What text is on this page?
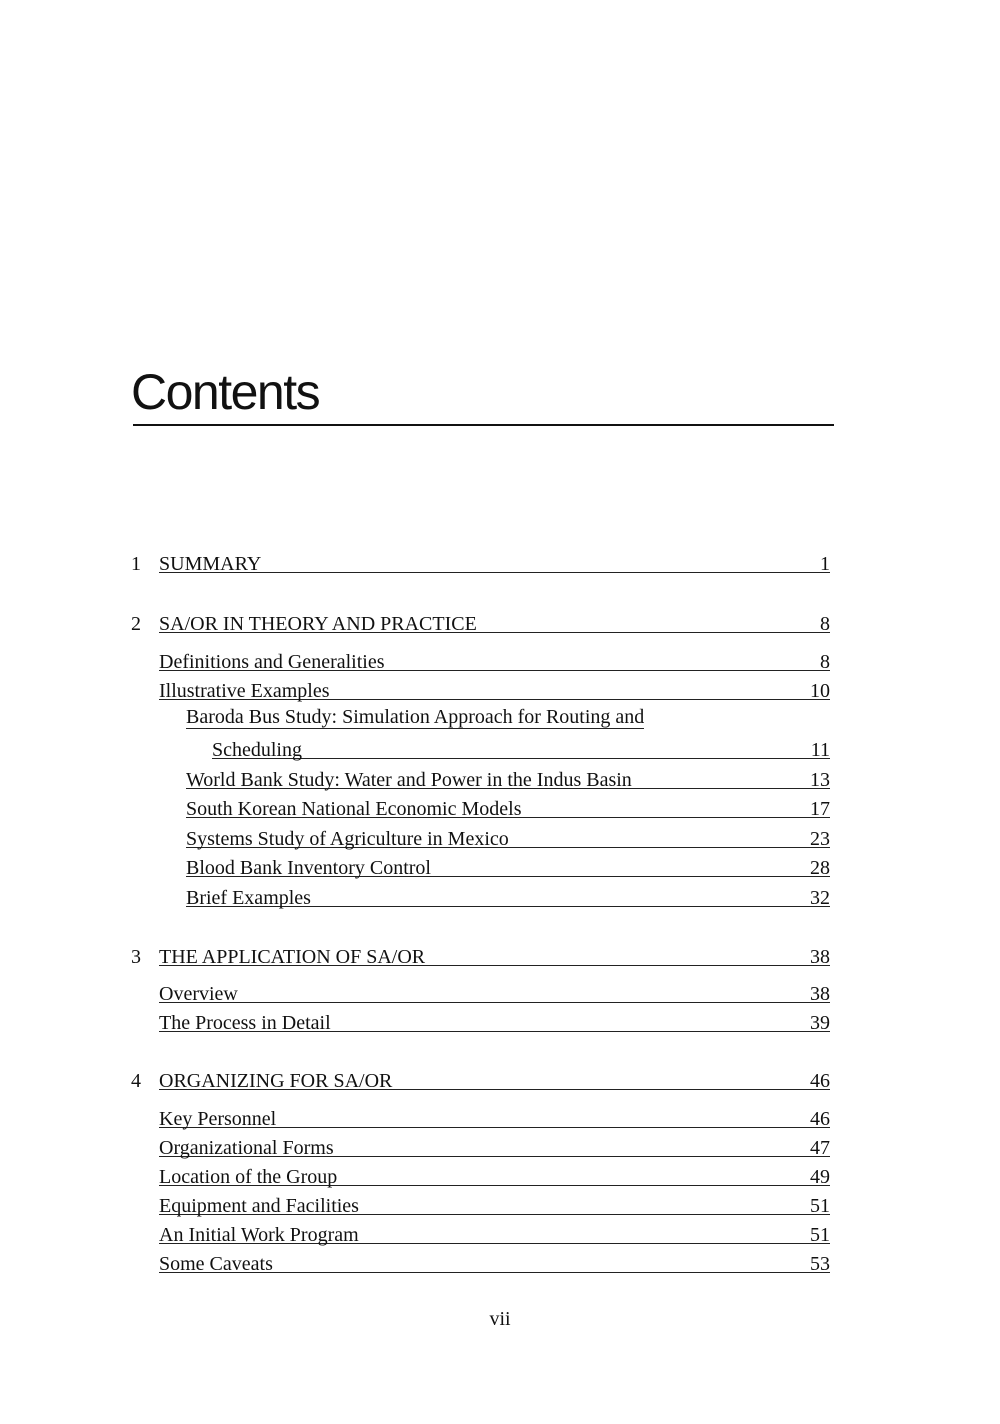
Contents
1 SUMMARY	1
2 SA/OR IN THEORY AND PRACTICE	8
Definitions and Generalities	8
Illustrative Examples	10
Baroda Bus Study: Simulation Approach for Routing and
Scheduling	11
World Bank Study: Water and Power in the Indus Basin	13
South Korean National Economic Models	17
Systems Study of Agriculture in Mexico	23
Blood Bank Inventory Control	28
Brief Examples	32
3 THE APPLICATION OF SA/OR	38
Overview	38
The Process in Detail	39
4 ORGANIZING FOR SA/OR	46
Key Personnel	46
Organizational Forms	47
Location of the Group	49
Equipment and Facilities	51
An Initial Work Program	51
Some Caveats	53
vii
